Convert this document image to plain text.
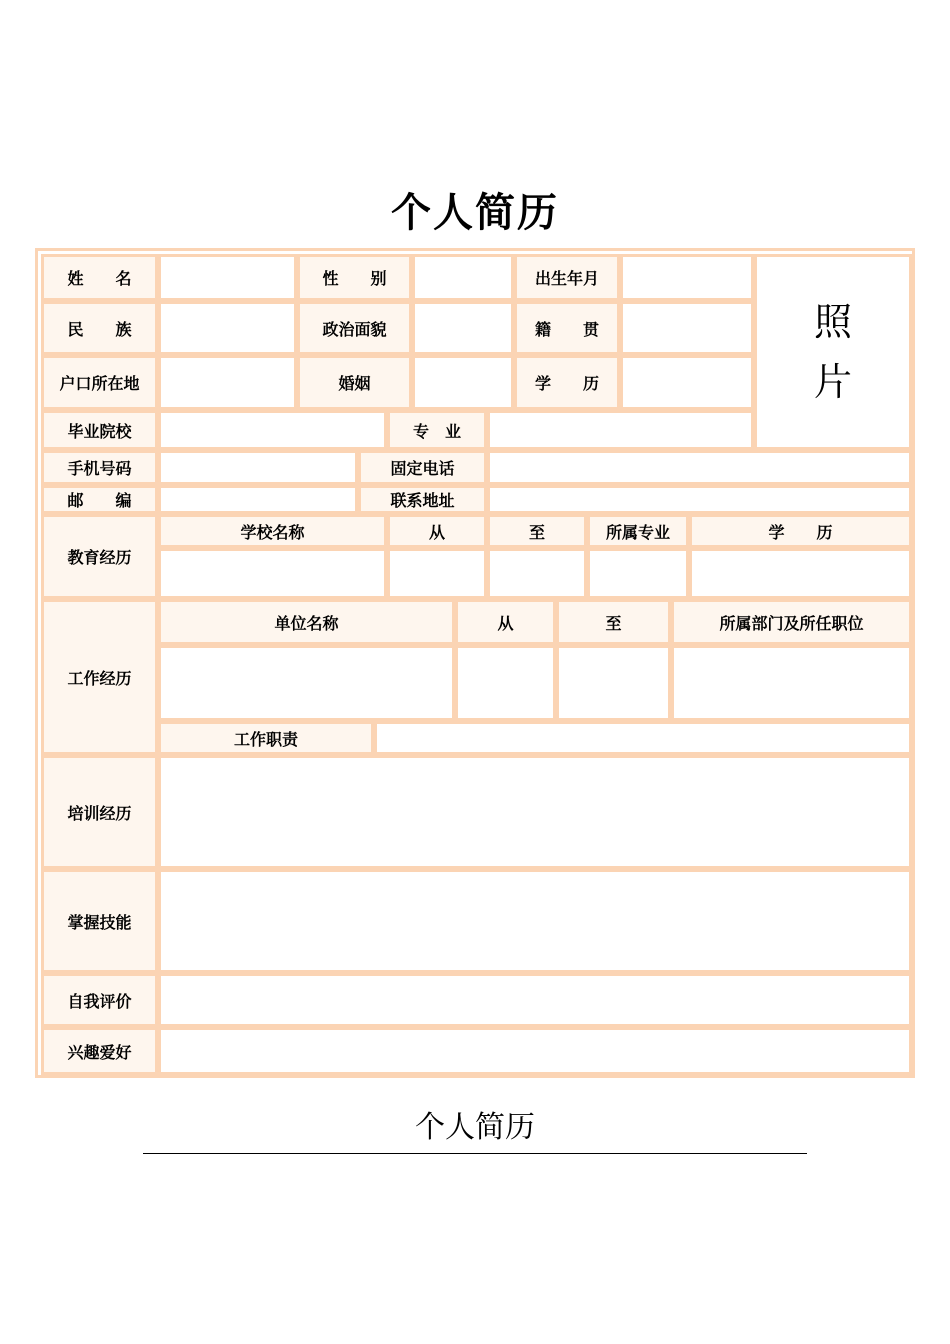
个人简历
姓　　名	性　　别	出生年月
照
片
民　　族	政治面貌	籍　　贯
户口所在地	婚姻	学　　历
毕业院校	专　业
手机号码	固定电话
邮　　编	联系地址
教育经历
学校名称	从	至	所属专业	学　　历
工作经历
单位名称	从	至	所属部门及所任职位
工作职责
培训经历
掌握技能
自我评价
兴趣爱好
个人简历
